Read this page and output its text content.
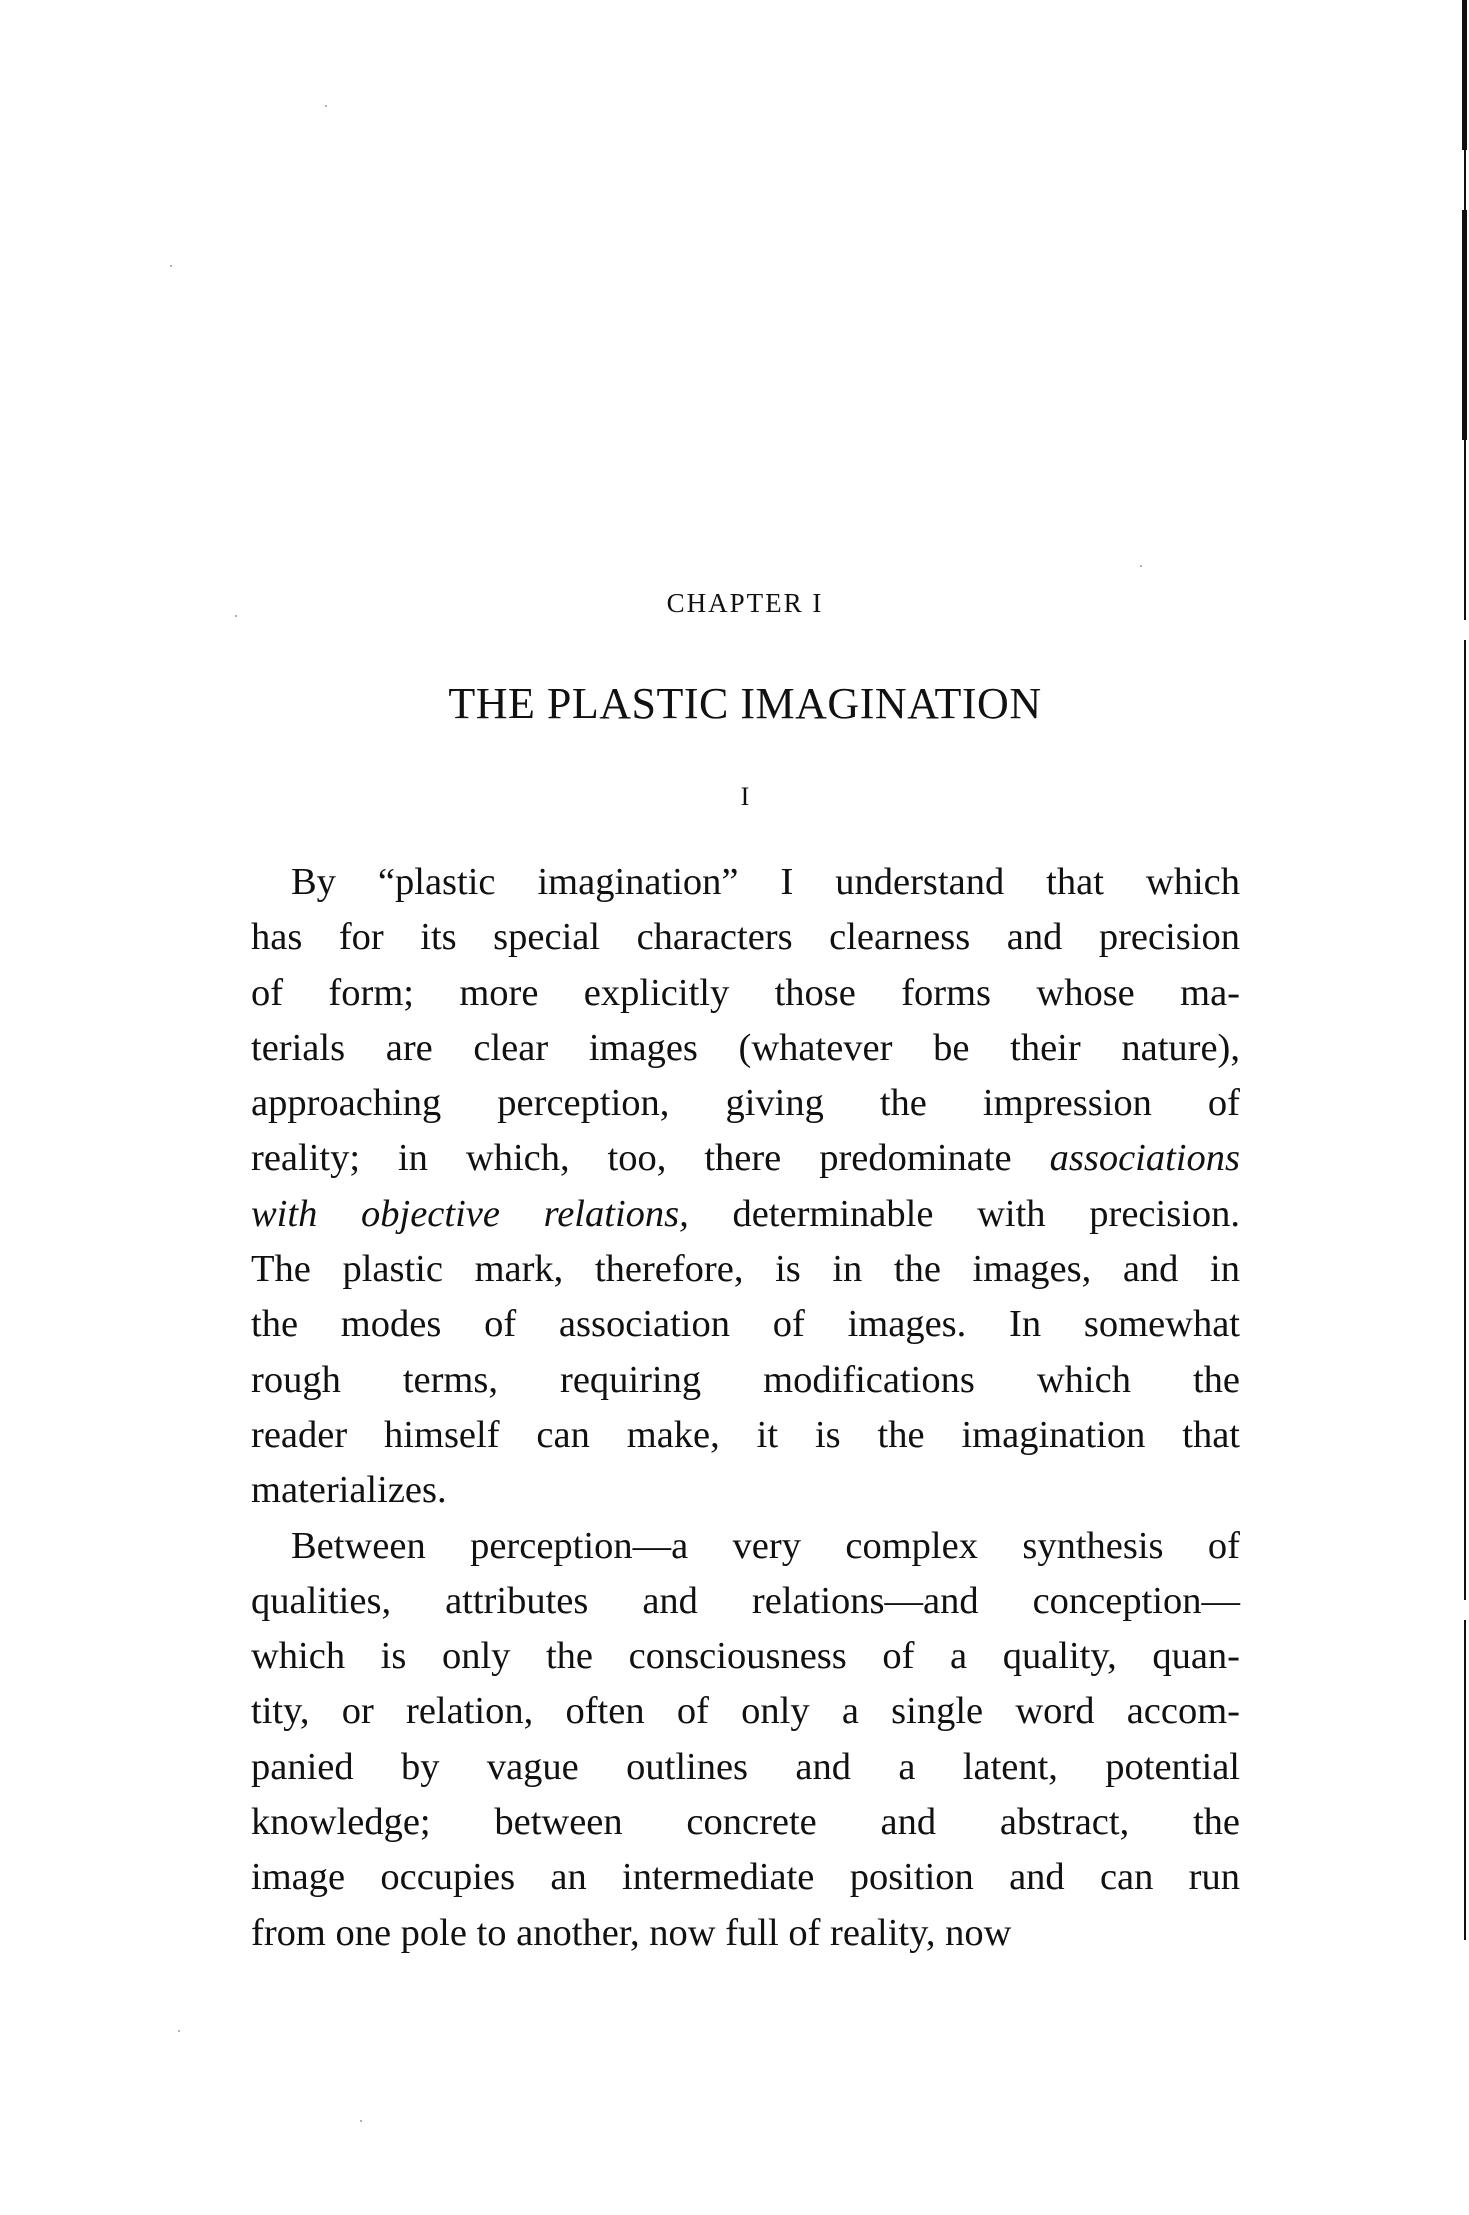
CHAPTER I
THE PLASTIC IMAGINATION
I
By “plastic imagination” I understand that which
has for its special characters clearness and precision
of form; more explicitly those forms whose ma-
terials are clear images (whatever be their nature),
approaching perception, giving the impression of
reality; in which, too, there predominate associations
with objective relations, determinable with precision.
The plastic mark, therefore, is in the images, and in
the modes of association of images. In somewhat
rough terms, requiring modifications which the
reader himself can make, it is the imagination that
materializes.
Between perception—a very complex synthesis of
qualities, attributes and relations—and conception—
which is only the consciousness of a quality, quan-
tity, or relation, often of only a single word accom-
panied by vague outlines and a latent, potential
knowledge; between concrete and abstract, the
image occupies an intermediate position and can run
from one pole to another, now full of reality, now
